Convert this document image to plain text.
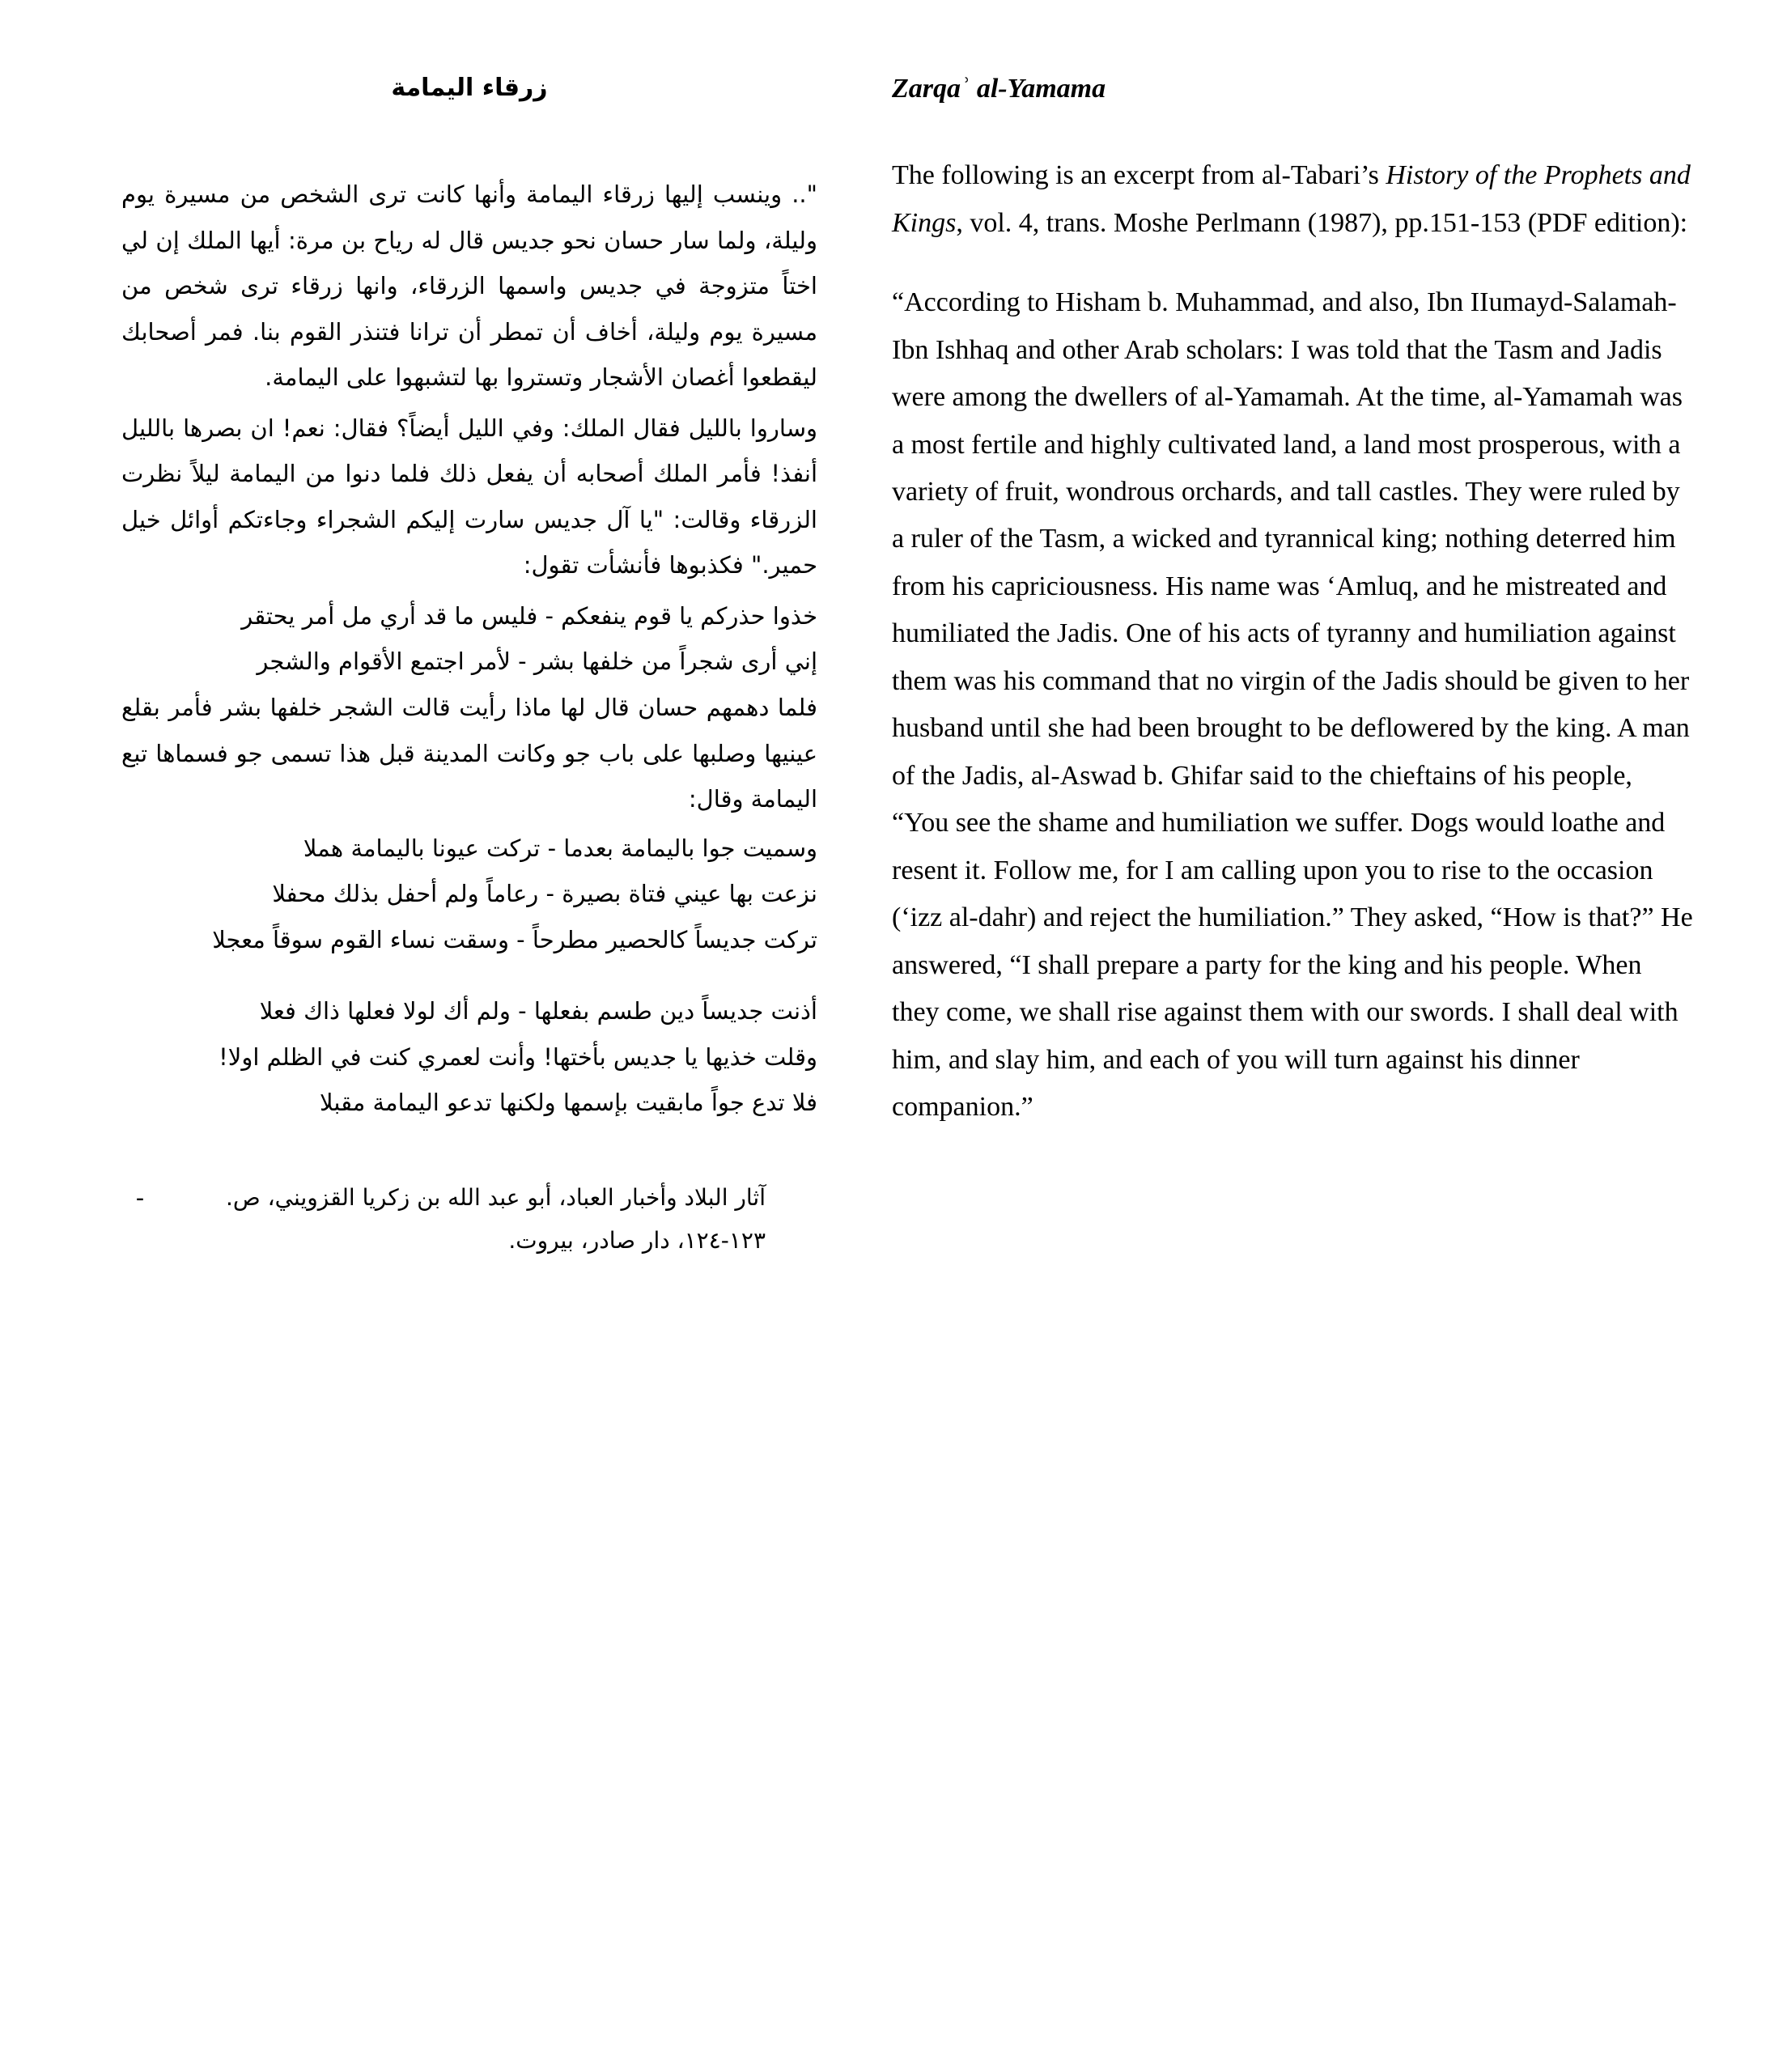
زرقاء اليمامة

".. وينسب إليها زرقاء اليمامة وأنها كانت ترى الشخص من مسيرة يوم وليلة، ولما سار حسان نحو جديس قال له رياح بن مرة: أيها الملك إن لي اختاً متزوجة في جديس واسمها الزرقاء، وانها زرقاء ترى شخص من مسيرة يوم وليلة، أخاف أن تمطر أن ترانا فتنذر القوم بنا. فمر أصحابك ليقطعوا أغصان الأشجار وتستروا بها لتشبهوا على اليمامة.

وساروا بالليل فقال الملك: وفي الليل أيضاً؟ فقال: نعم! ان بصرها بالليل أنفذ! فأمر الملك أصحابه أن يفعل ذلك فلما دنوا من اليمامة ليلاً نظرت الزرقاء وقالت: "يا آل جديس سارت إليكم الشجراء وجاءتكم أوائل خيل حمير." فكذبوها فأنشأت تقول:

خذوا حذركم يا قوم ينفعكم - فليس ما قد أري مل أمر يحتقر

إني أرى شجراً من خلفها بشر - لأمر اجتمع الأقوام والشجر

فلما دهمهم حسان قال لها ماذا رأيت قالت الشجر خلفها بشر فأمر بقلع عينيها وصلبها على باب جو وكانت المدينة قبل هذا تسمى جو فسماها تبع اليمامة وقال:

وسميت جوا باليمامة بعدما - تركت عيونا باليمامة هملا

نزعت بها عيني فتاة بصيرة - رعاماً ولم أحفل بذلك محفلا

تركت جديساً كالحصير مطرحاً - وسقت نساء القوم سوقاً معجلا

أذنت جديساً دين طسم بفعلها - ولم أك لولا فعلها ذاك فعلا

وقلت خذيها يا جديس بأختها! وأنت لعمري كنت في الظلم اولا!

فلا تدع جواً مابقيت بإسمها ولكنها تدعو اليمامة مقبلا

-	آثار البلاد وأخبار العباد، أبو عبد الله بن زكريا القزويني، ص. ١٢٣-١٢٤، دار صادر، بيروت.
Zarqaʾ al-Yamama

The following is an excerpt from al-Tabari’s History of the Prophets and Kings, vol. 4, trans. Moshe Perlmann (1987), pp.151-153 (PDF edition):

“According to Hisham b. Muhammad, and also, Ibn IIumayd-Salamah-Ibn Ishhaq and other Arab scholars: I was told that the Tasm and Jadis were among the dwellers of al-Yamamah. At the time, al-Yamamah was a most fertile and highly cultivated land, a land most prosperous, with a variety of fruit, wondrous orchards, and tall castles. They were ruled by a ruler of the Tasm, a wicked and tyrannical king; nothing deterred him from his capriciousness. His name was ‘Amluq, and he mistreated and humiliated the Jadis. One of his acts of tyranny and humiliation against them was his command that no virgin of the Jadis should be given to her husband until she had been brought to be deflowered by the king. A man of the Jadis, al-Aswad b. Ghifar said to the chieftains of his people, “You see the shame and humiliation we suffer. Dogs would loathe and resent it. Follow me, for I am calling upon you to rise to the occasion (‘izz al-dahr) and reject the humiliation.” They asked, “How is that?” He answered, “I shall prepare a party for the king and his people. When they come, we shall rise against them with our swords. I shall deal with him, and slay him, and each of you will turn against his dinner companion.”
